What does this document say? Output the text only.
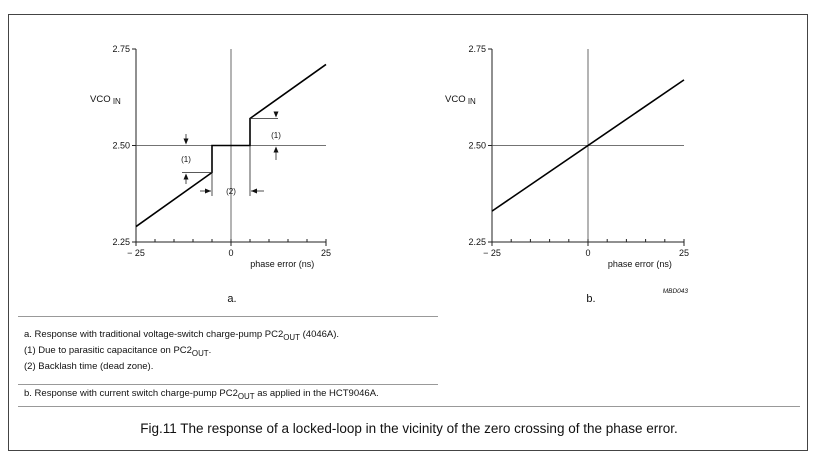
2.75
2.50
2.25
− 25	0	25
phase error (ns)
VCO $_{IN}$
a.
(1)
(1)
(2)
2.75
2.50
2.25
− 25	0	25
phase error (ns)
VCO $_{IN}$
b.
MBD043
a. Response with traditional voltage-switch charge-pump $PC2_{OUT}$ (4046A).
(1) Due to parasitic capacitance on $PC2_{OUT}$.
(2) Backlash time (dead zone).
b. Response with current switch charge-pump $PC2_{OUT}$ as applied in the HCT9046A.
Fig.11 The response of a locked-loop in the vicinity of the zero crossing of the phase error.
